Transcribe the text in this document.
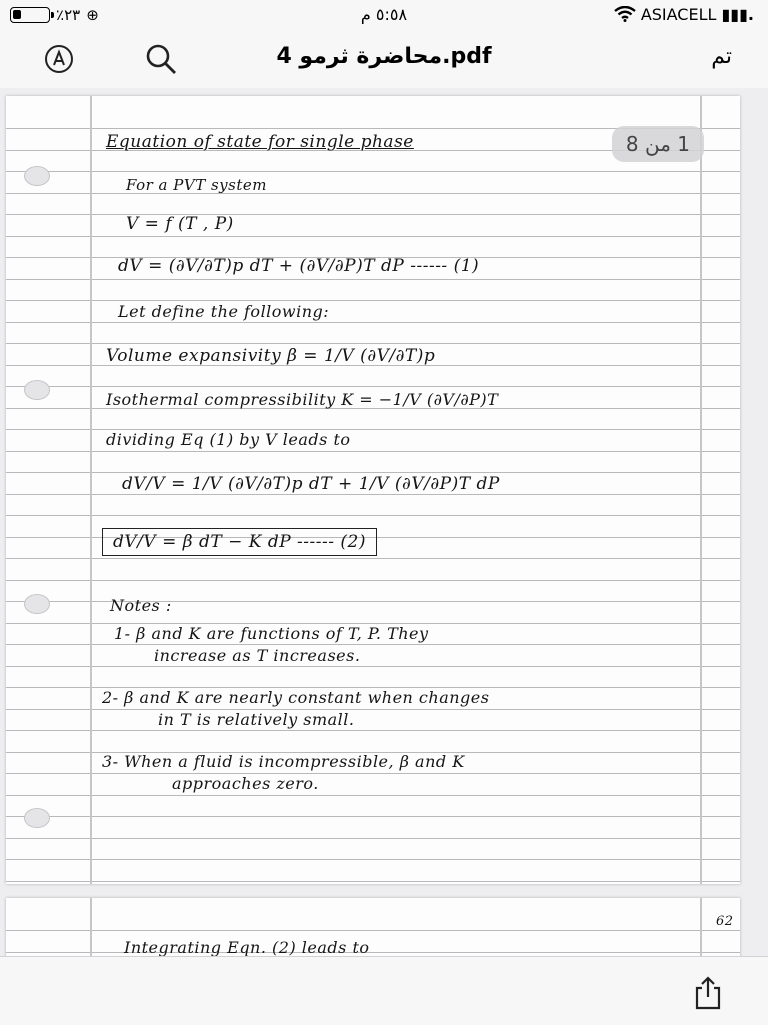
٪٢٣ ⊕	٥:٥٨ م	ASIACELL ▮▮▮.
محاضرة ثرمو 4.pdf	تم
Equation of state for single phase
For a PVT system
V = f (T , P)
dV = (∂V/∂T)p dT + (∂V/∂P)T dP ------ (1)
Let define the following:
Volume expansivity β = 1/V (∂V/∂T)p
Isothermal compressibility K = −1/V (∂V/∂P)T
dividing Eq (1) by V leads to
dV/V = 1/V (∂V/∂T)p dT + 1/V (∂V/∂P)T dP
dV/V = β dT − K dP ------ (2)
Notes :
1- β and K are functions of T, P. They
increase as T increases.
2- β and K are nearly constant when changes
in T is relatively small.
3- When a fluid is incompressible, β and K
approaches zero.
1 من 8
62
Integrating Eqn. (2) leads to
